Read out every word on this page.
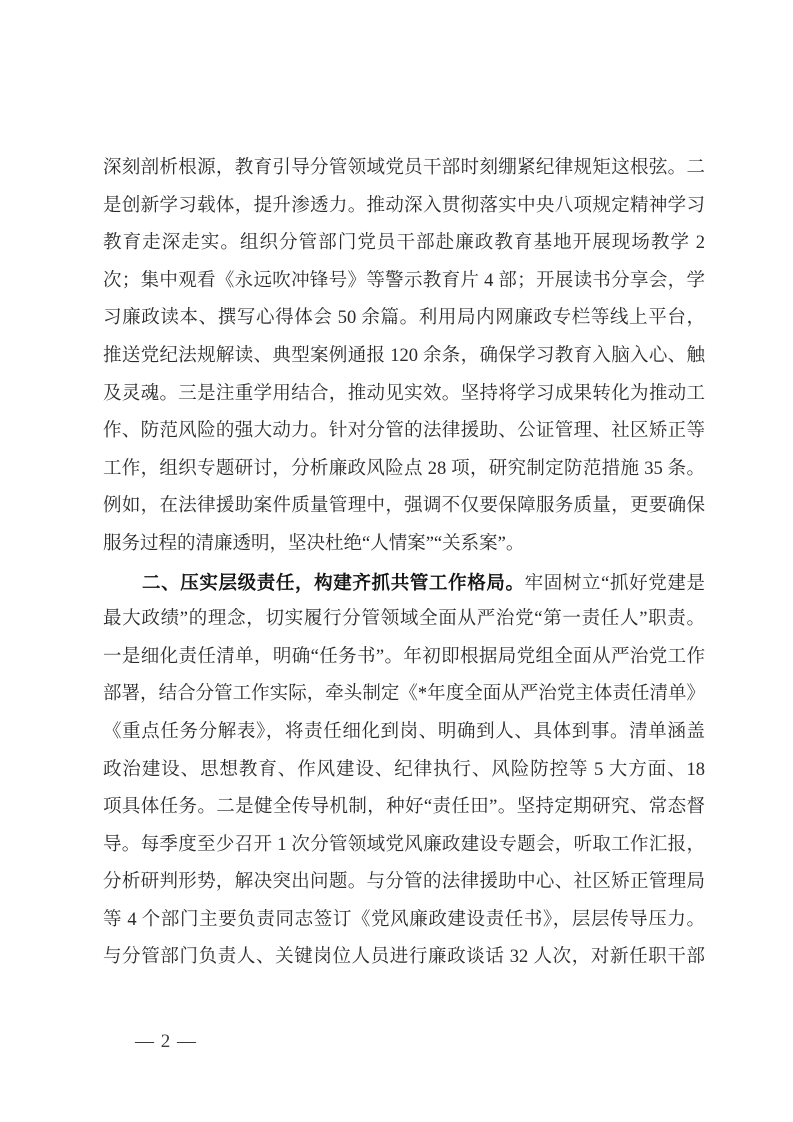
深刻剖析根源，教育引导分管领域党员干部时刻绷紧纪律规矩这根弦。二
是创新学习载体，提升渗透力。推动深入贯彻落实中央八项规定精神学习
教育走深走实。组织分管部门党员干部赴廉政教育基地开展现场教学 2
次；集中观看《永远吹冲锋号》等警示教育片 4 部；开展读书分享会，学
习廉政读本、撰写心得体会 50 余篇。利用局内网廉政专栏等线上平台，
推送党纪法规解读、典型案例通报 120 余条，确保学习教育入脑入心、触
及灵魂。三是注重学用结合，推动见实效。坚持将学习成果转化为推动工
作、防范风险的强大动力。针对分管的法律援助、公证管理、社区矫正等
工作，组织专题研讨，分析廉政风险点 28 项，研究制定防范措施 35 条。
例如，在法律援助案件质量管理中，强调不仅要保障服务质量，更要确保
服务过程的清廉透明，坚决杜绝“人情案”“关系案”。
二、压实层级责任，构建齐抓共管工作格局。牢固树立“抓好党建是
最大政绩”的理念，切实履行分管领域全面从严治党“第一责任人”职责。
一是细化责任清单，明确“任务书”。年初即根据局党组全面从严治党工作
部署，结合分管工作实际，牵头制定《*年度全面从严治党主体责任清单》
《重点任务分解表》，将责任细化到岗、明确到人、具体到事。清单涵盖
政治建设、思想教育、作风建设、纪律执行、风险防控等 5 大方面、18
项具体任务。二是健全传导机制，种好“责任田”。坚持定期研究、常态督
导。每季度至少召开 1 次分管领域党风廉政建设专题会，听取工作汇报，
分析研判形势，解决突出问题。与分管的法律援助中心、社区矫正管理局
等 4 个部门主要负责同志签订《党风廉政建设责任书》，层层传导压力。
与分管部门负责人、关键岗位人员进行廉政谈话 32 人次，对新任职干部
— 2 —
